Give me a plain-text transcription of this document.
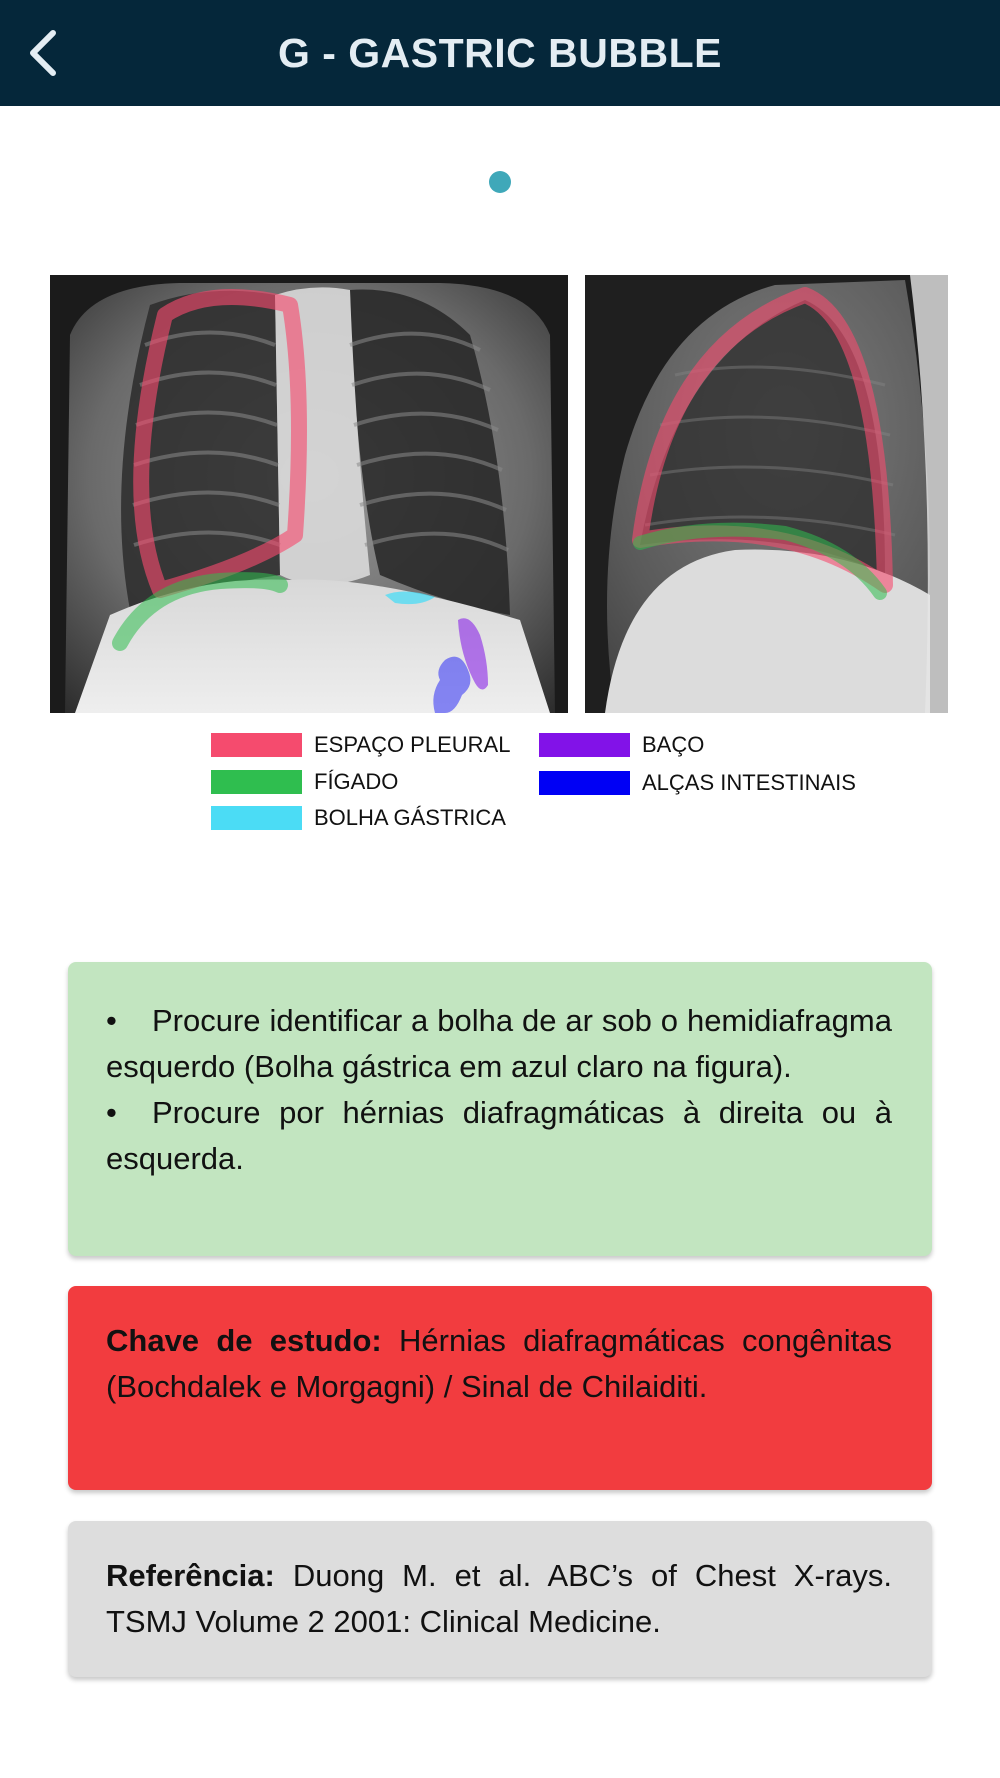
G - GASTRIC BUBBLE
ESPAÇO PLEURAL
FÍGADO
BOLHA GÁSTRICA
BAÇO
ALÇAS INTESTINAIS
• Procure identificar a bolha de ar sob o hemidiafragma esquerdo (Bolha gástrica em azul claro na figura).
• Procure por hérnias diafragmáticas à direita ou à esquerda.
Chave de estudo: Hérnias diafragmáticas congênitas (Bochdalek e Morgagni) / Sinal de Chilaiditi.
Referência: Duong M. et al. ABC’s of Chest X-rays. TSMJ Volume 2 2001: Clinical Medicine.
